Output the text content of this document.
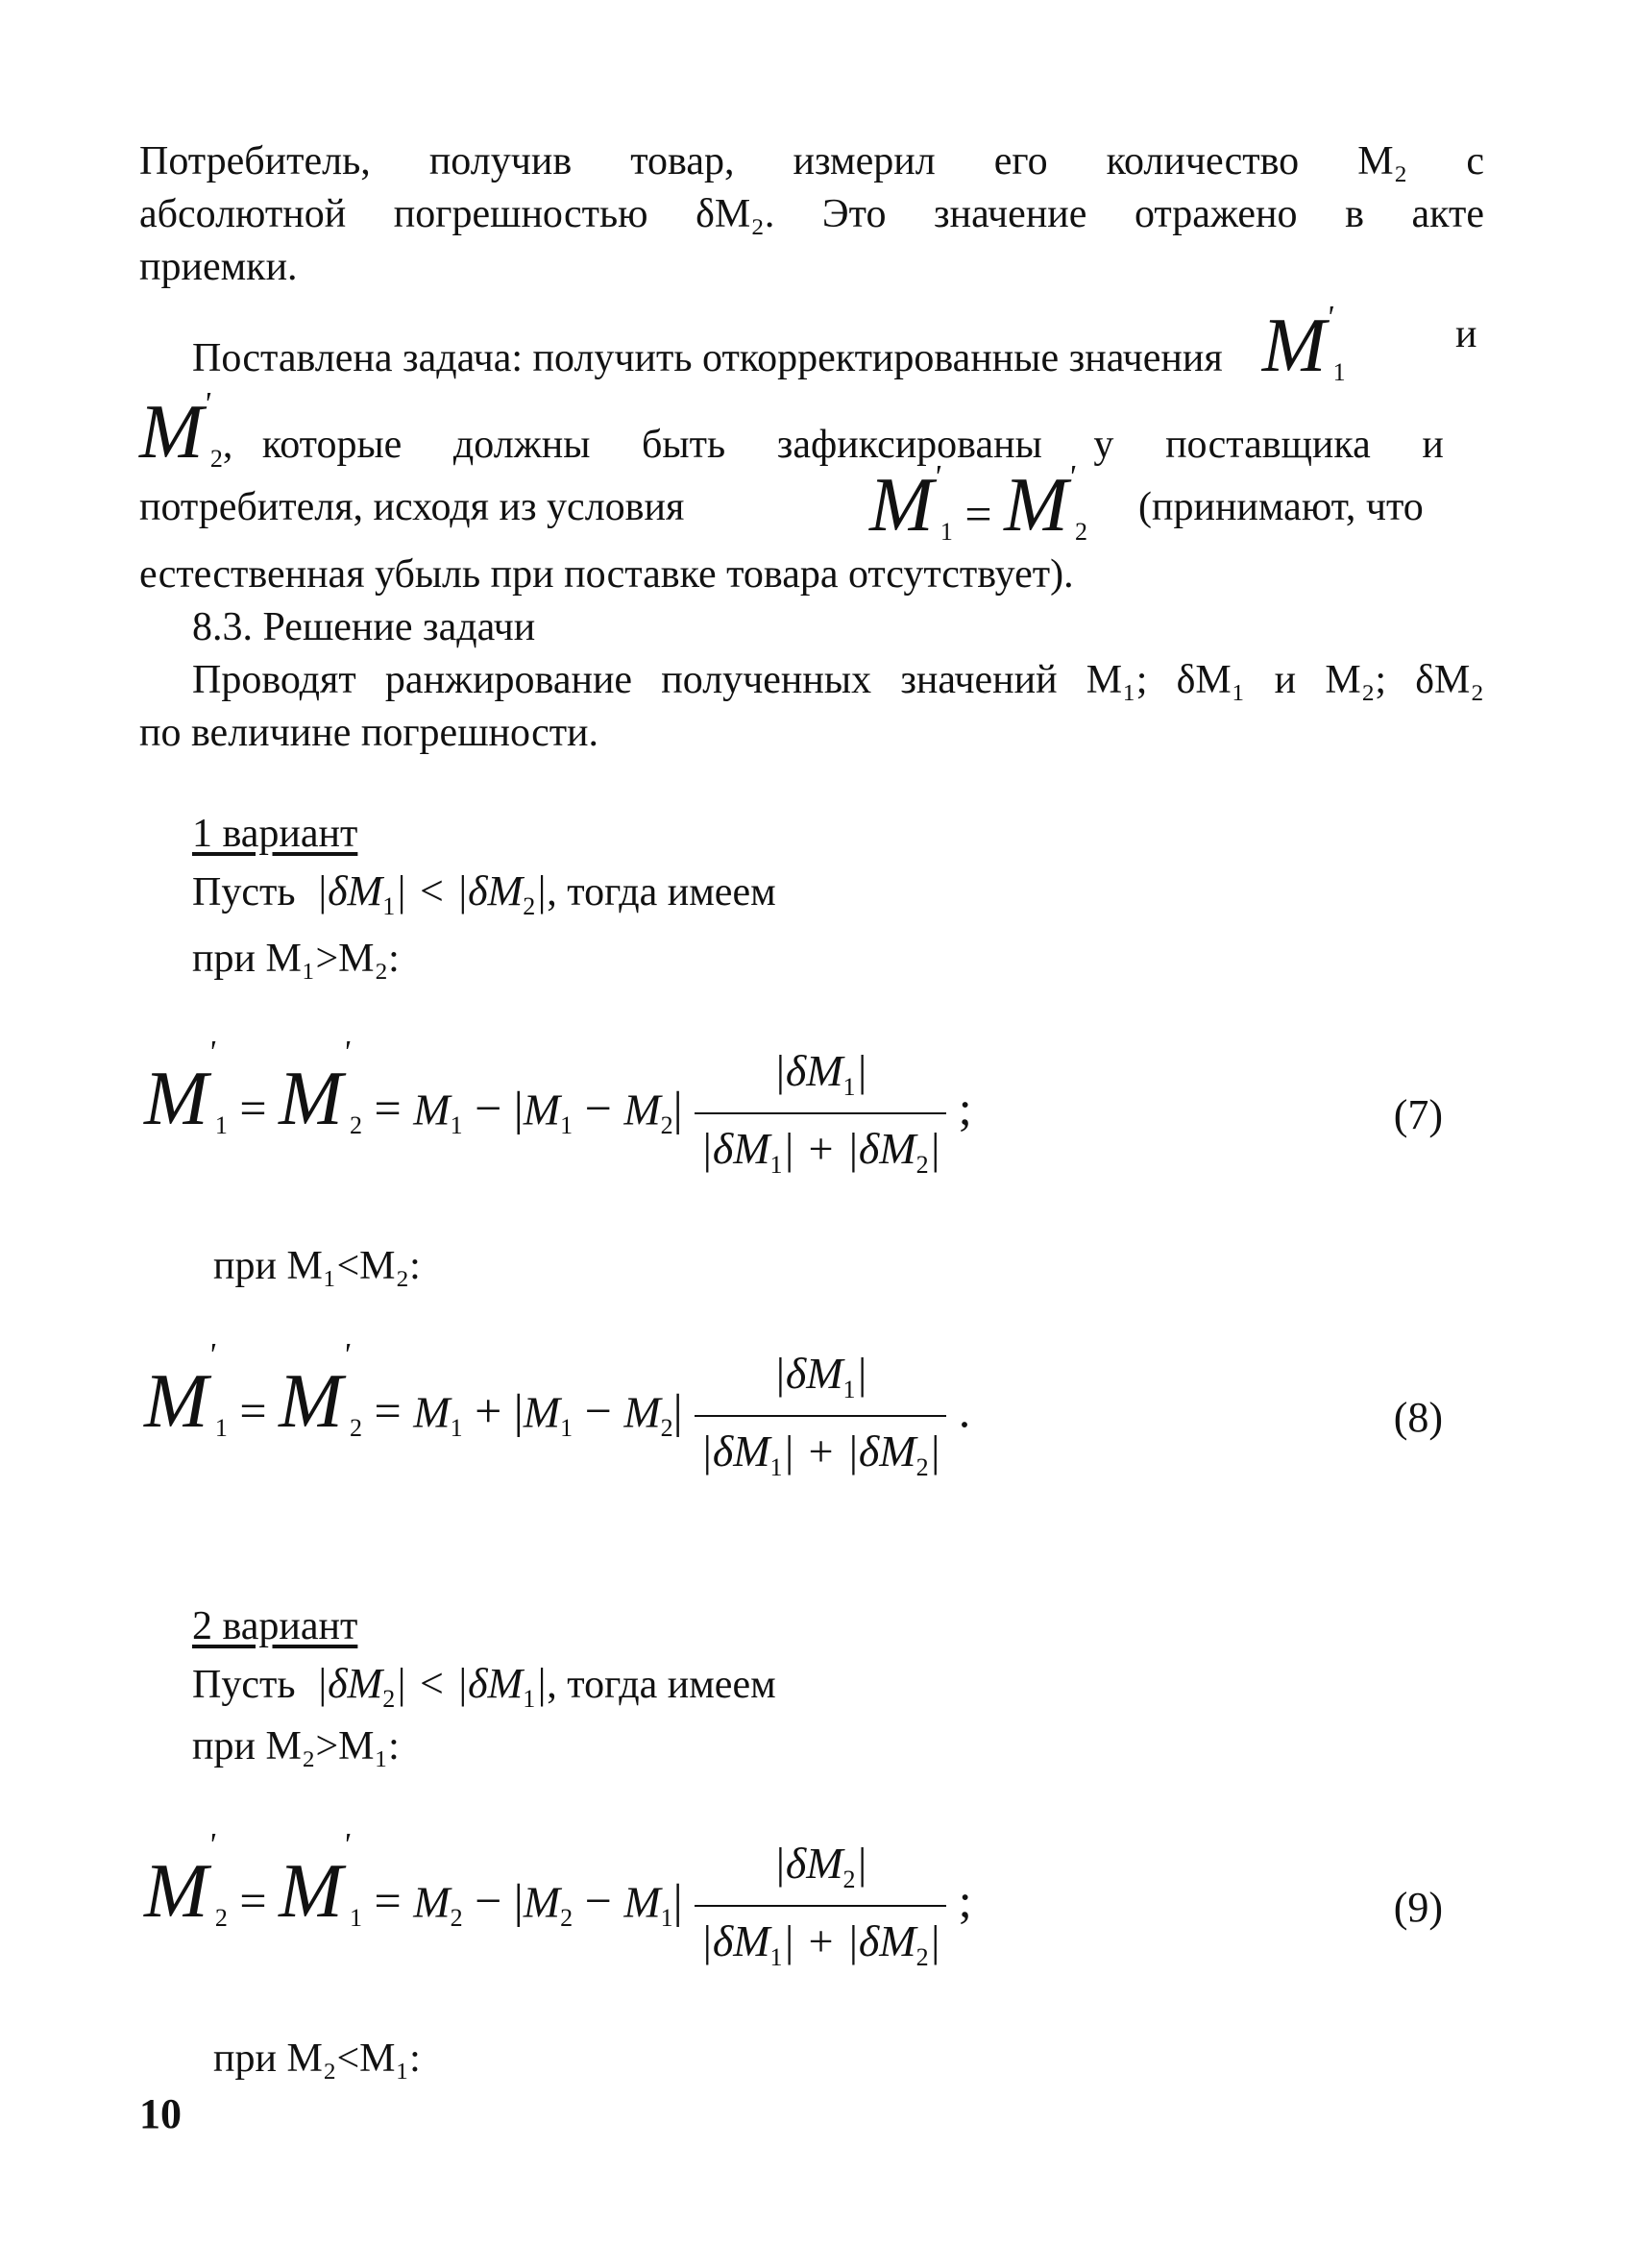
Потребитель, получив товар, измерил его количество М₂ с
абсолютной погрешностью δМ₂. Это значение отражено в акте
приемки.
Поставлена задача: получить откорректированные значения M'1
и
M'2, которые должны быть зафиксированы у поставщика и
потребителя, исходя из условия M'1 = M'2
(принимают, что
естественная убыль при поставке товара отсутствует).
8.3. Решение задачи
Проводят ранжирование полученных значений М₁; δМ₁ и М₂; δМ₂
по величине погрешности.
1 вариант
Пусть  $|\delta M_1| < |\delta M_2|$, тогда имеем
при М₁>М₂:
$M'1 = M'2 = M_1 - |M_1 - M_2| \frac{|\delta M_1|}{|\delta M_1| + |\delta M_2|}$ ;	(7)
при М₁<М₂:
$M'1 = M'2 = M_1 + |M_1 - M_2| \frac{|\delta M_1|}{|\delta M_1| + |\delta M_2|}$ .	(8)
2 вариант
Пусть  $|\delta M_2| < |\delta M_1|$, тогда имеем
при М₂>М₁:
$M'2 = M'1 = M_2 - |M_2 - M_1| \frac{|\delta M_2|}{|\delta M_1| + |\delta M_2|}$ ;	(9)
при М₂<М₁:
10
